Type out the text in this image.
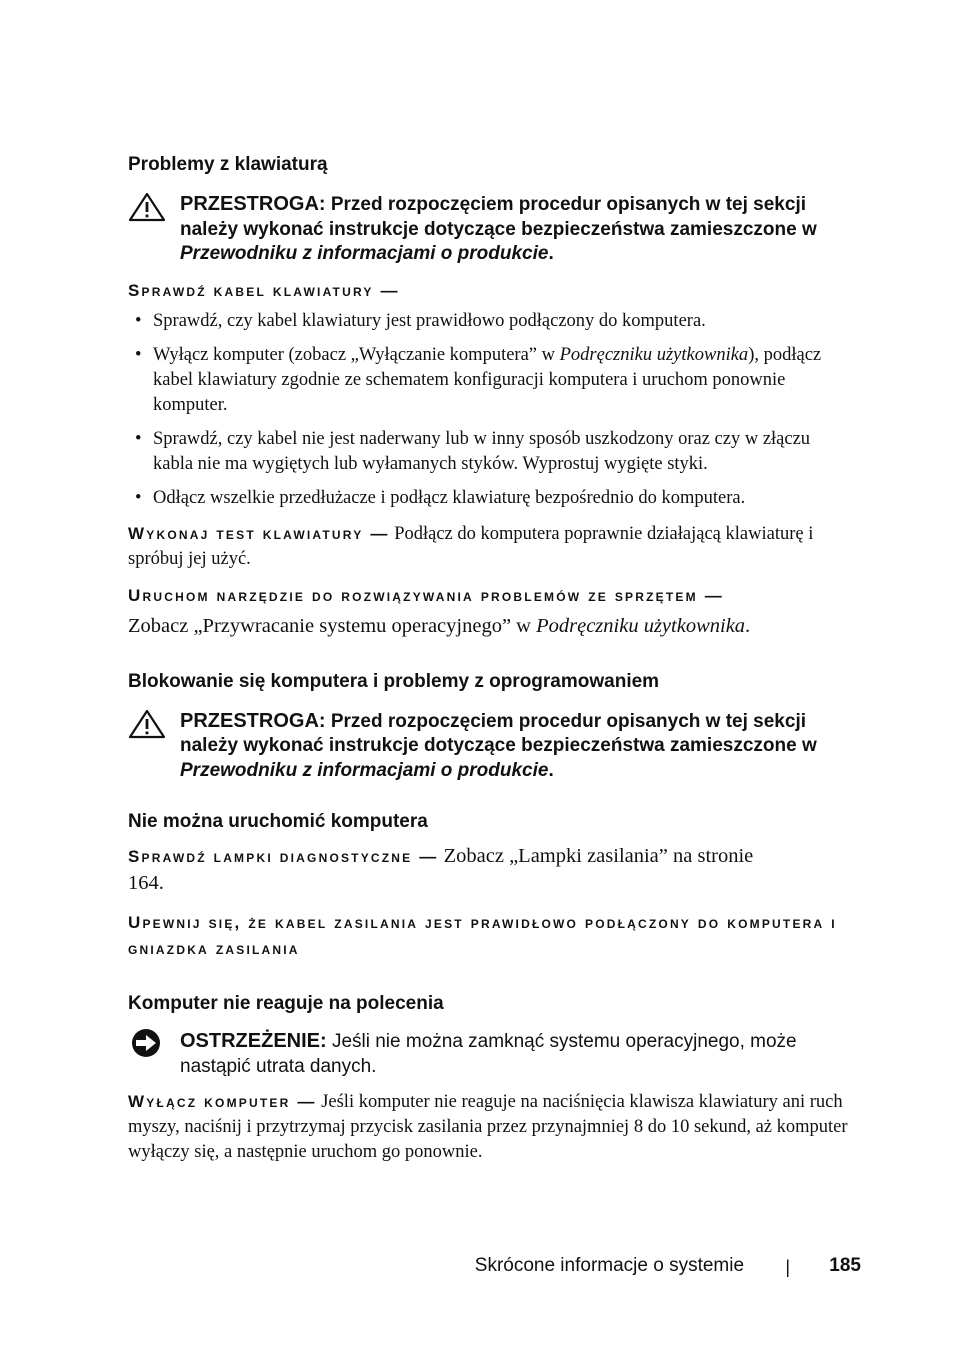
Problemy z klawiaturą
PRZESTROGA: Przed rozpoczęciem procedur opisanych w tej sekcji należy wykonać instrukcje dotyczące bezpieczeństwa zamieszczone w Przewodniku z informacjami o produkcie.

Sprawdź kabel klawiatury —

• Sprawdź, czy kabel klawiatury jest prawidłowo podłączony do komputera.
• Wyłącz komputer (zobacz „Wyłączanie komputera” w Podręczniku użytkownika), podłącz kabel klawiatury zgodnie ze schematem konfiguracji komputera i uruchom ponownie komputer.
• Sprawdź, czy kabel nie jest naderwany lub w inny sposób uszkodzony oraz czy w złączu kabla nie ma wygiętych lub wyłamanych styków. Wyprostuj wygięte styki.
• Odłącz wszelkie przedłużacze i podłącz klawiaturę bezpośrednio do komputera.

Wykonaj test klawiatury — Podłącz do komputera poprawnie działającą klawiaturę i spróbuj jej użyć.

Uruchom narzędzie do rozwiązywania problemów ze sprzętem —

Zobacz „Przywracanie systemu operacyjnego” w Podręczniku użytkownika.

Blokowanie się komputera i problemy z oprogramowaniem
PRZESTROGA: Przed rozpoczęciem procedur opisanych w tej sekcji należy wykonać instrukcje dotyczące bezpieczeństwa zamieszczone w Przewodniku z informacjami o produkcie.
Nie można uruchomić komputera

Sprawdź lampki diagnostyczne — Zobacz „Lampki zasilania” na stronie 164.

Upewnij się, że kabel zasilania jest prawidłowo podłączony do komputera i gniazdka zasilania

Komputer nie reaguje na polecenia
OSTRZEŻENIE: Jeśli nie można zamknąć systemu operacyjnego, może nastąpić utrata danych.

Wyłącz komputer — Jeśli komputer nie reaguje na naciśnięcia klawisza klawiatury ani ruch myszy, naciśnij i przytrzymaj przycisk zasilania przez przynajmniej 8 do 10 sekund, aż komputer wyłączy się, a następnie uruchom go ponownie.

Skrócone informacje o systemie | 185
